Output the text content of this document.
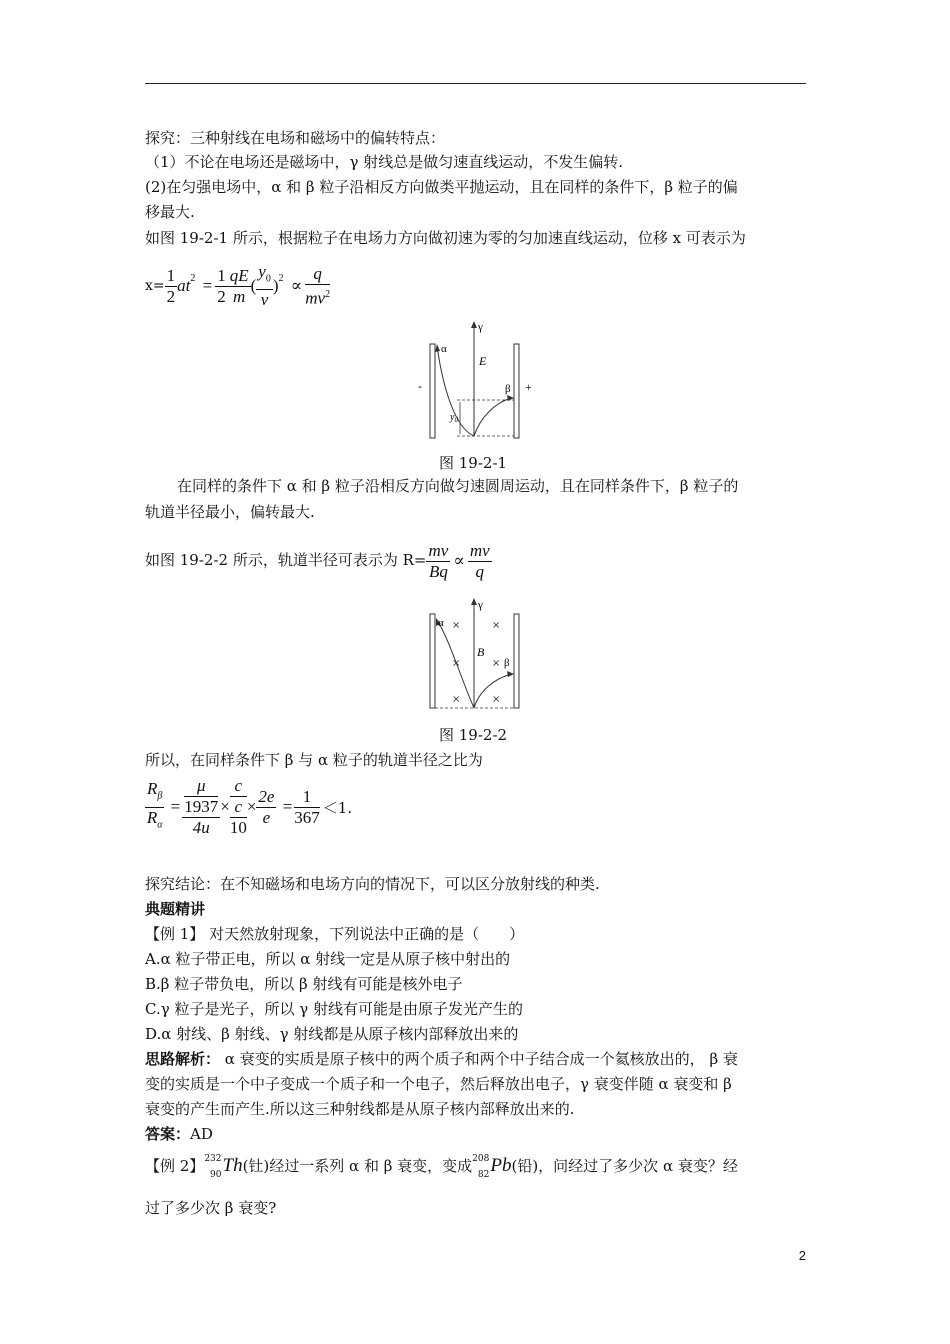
探究：三种射线在电场和磁场中的偏转特点：
（1）不论在电场还是磁场中，γ 射线总是做匀速直线运动，不发生偏转.
(2)在匀强电场中，α 和 β 粒子沿相反方向做类平抛运动，且在同样的条件下，β 粒子的偏
移最大.
如图 19-2-1 所示，根据粒子在电场力方向做初速为零的匀加速直线运动，位移 x 可表示为
$x= \frac{1}{2} at^2 = \frac{1}{2} \frac{qE}{m}$ ( $\frac{y_0}{v} )^2 \propto \frac{q}{mv^2}$
γ
α
β
E
$y_0$
-	+
图 19-2-1
在同样的条件下 α 和 β 粒子沿相反方向做匀速圆周运动，且在同样条件下，β 粒子的
轨道半径最小，偏转最大.
如图 19-2-2 所示，轨道半径可表示为 $R= \frac{mv}{Bq} \propto \frac{mv}{q}$
γ
α
β
B
×	×
×	×
×	×
图 19-2-2
所以，在同样条件下 β 与 α 粒子的轨道半径之比为
$\frac{R_\beta}{R_\alpha} = \frac{\frac{\mu}{1937}}{4u} \times \frac{c}{\frac{c}{10}} \times \frac{2e}{e} = \frac{1}{367} <1$.
探究结论：在不知磁场和电场方向的情况下，可以区分放射线的种类.
典题精讲
【例 1】 对天然放射现象，下列说法中正确的是（　　）
A.α 粒子带正电，所以 α 射线一定是从原子核中射出的
B.β 粒子带负电，所以 β 射线有可能是核外电子
C.γ 粒子是光子，所以 γ 射线有可能是由原子发光产生的
D.α 射线、β 射线、γ 射线都是从原子核内部释放出来的
思路解析： α 衰变的实质是原子核中的两个质子和两个中子结合成一个氦核放出的， β 衰
变的实质是一个中子变成一个质子和一个电子，然后释放出电子，γ 衰变伴随 α 衰变和 β
衰变的产生而产生.所以这三种射线都是从原子核内部释放出来的.
答案：AD
【例 2】 232
90 Th(钍)经过一系列 α 和 β 衰变，变成 208
82 Pb(铅)，问经过了多少次 α 衰变？经
过了多少次 β 衰变?
2
